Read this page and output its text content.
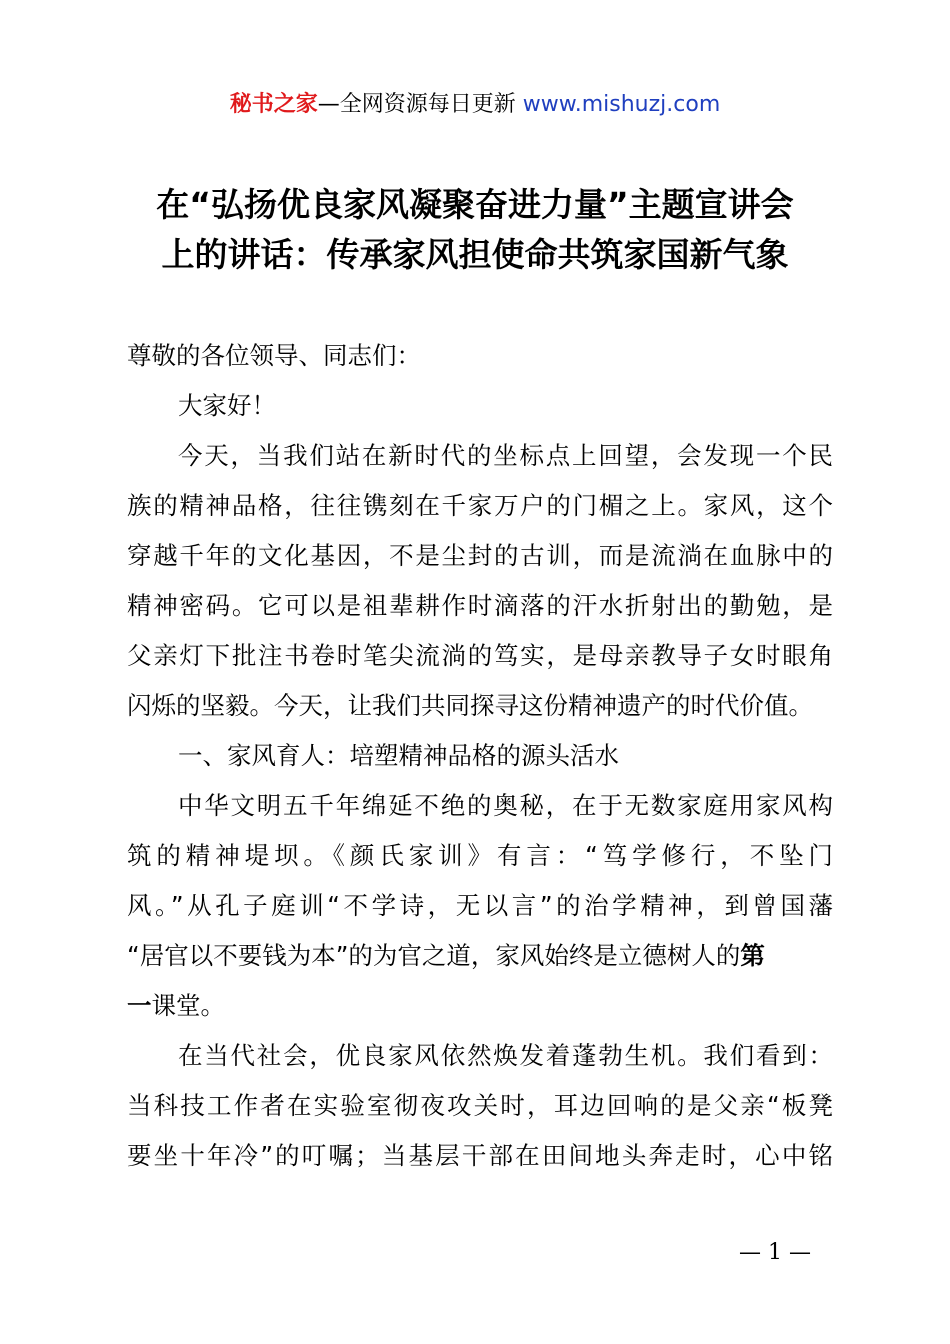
秘书之家—全网资源每日更新 www.mishuzj.com
在“弘扬优良家风凝聚奋进力量”主题宣讲会
上的讲话：传承家风担使命共筑家国新气象
尊敬的各位领导、同志们：
大家好！
今天，当我们站在新时代的坐标点上回望，会发现一个民
族的精神品格，往往镌刻在千家万户的门楣之上。家风，这个
穿越千年的文化基因，不是尘封的古训，而是流淌在血脉中的
精神密码。它可以是祖辈耕作时滴落的汗水折射出的勤勉，是
父亲灯下批注书卷时笔尖流淌的笃实，是母亲教导子女时眼角
闪烁的坚毅。今天，让我们共同探寻这份精神遗产的时代价值。
一、家风育人：培塑精神品格的源头活水
中华文明五千年绵延不绝的奥秘，在于无数家庭用家风构
筑的精神堤坝。《颜氏家训》有言：“笃学修行，不坠门
风。”从孔子庭训“不学诗，无以言”的治学精神，到曾国藩
“居官以不要钱为本”的为官之道，家风始终是立德树人的第
一课堂。
在当代社会，优良家风依然焕发着蓬勃生机。我们看到：
当科技工作者在实验室彻夜攻关时，耳边回响的是父亲“板凳
要坐十年冷”的叮嘱；当基层干部在田间地头奔走时，心中铭
— 1 —
